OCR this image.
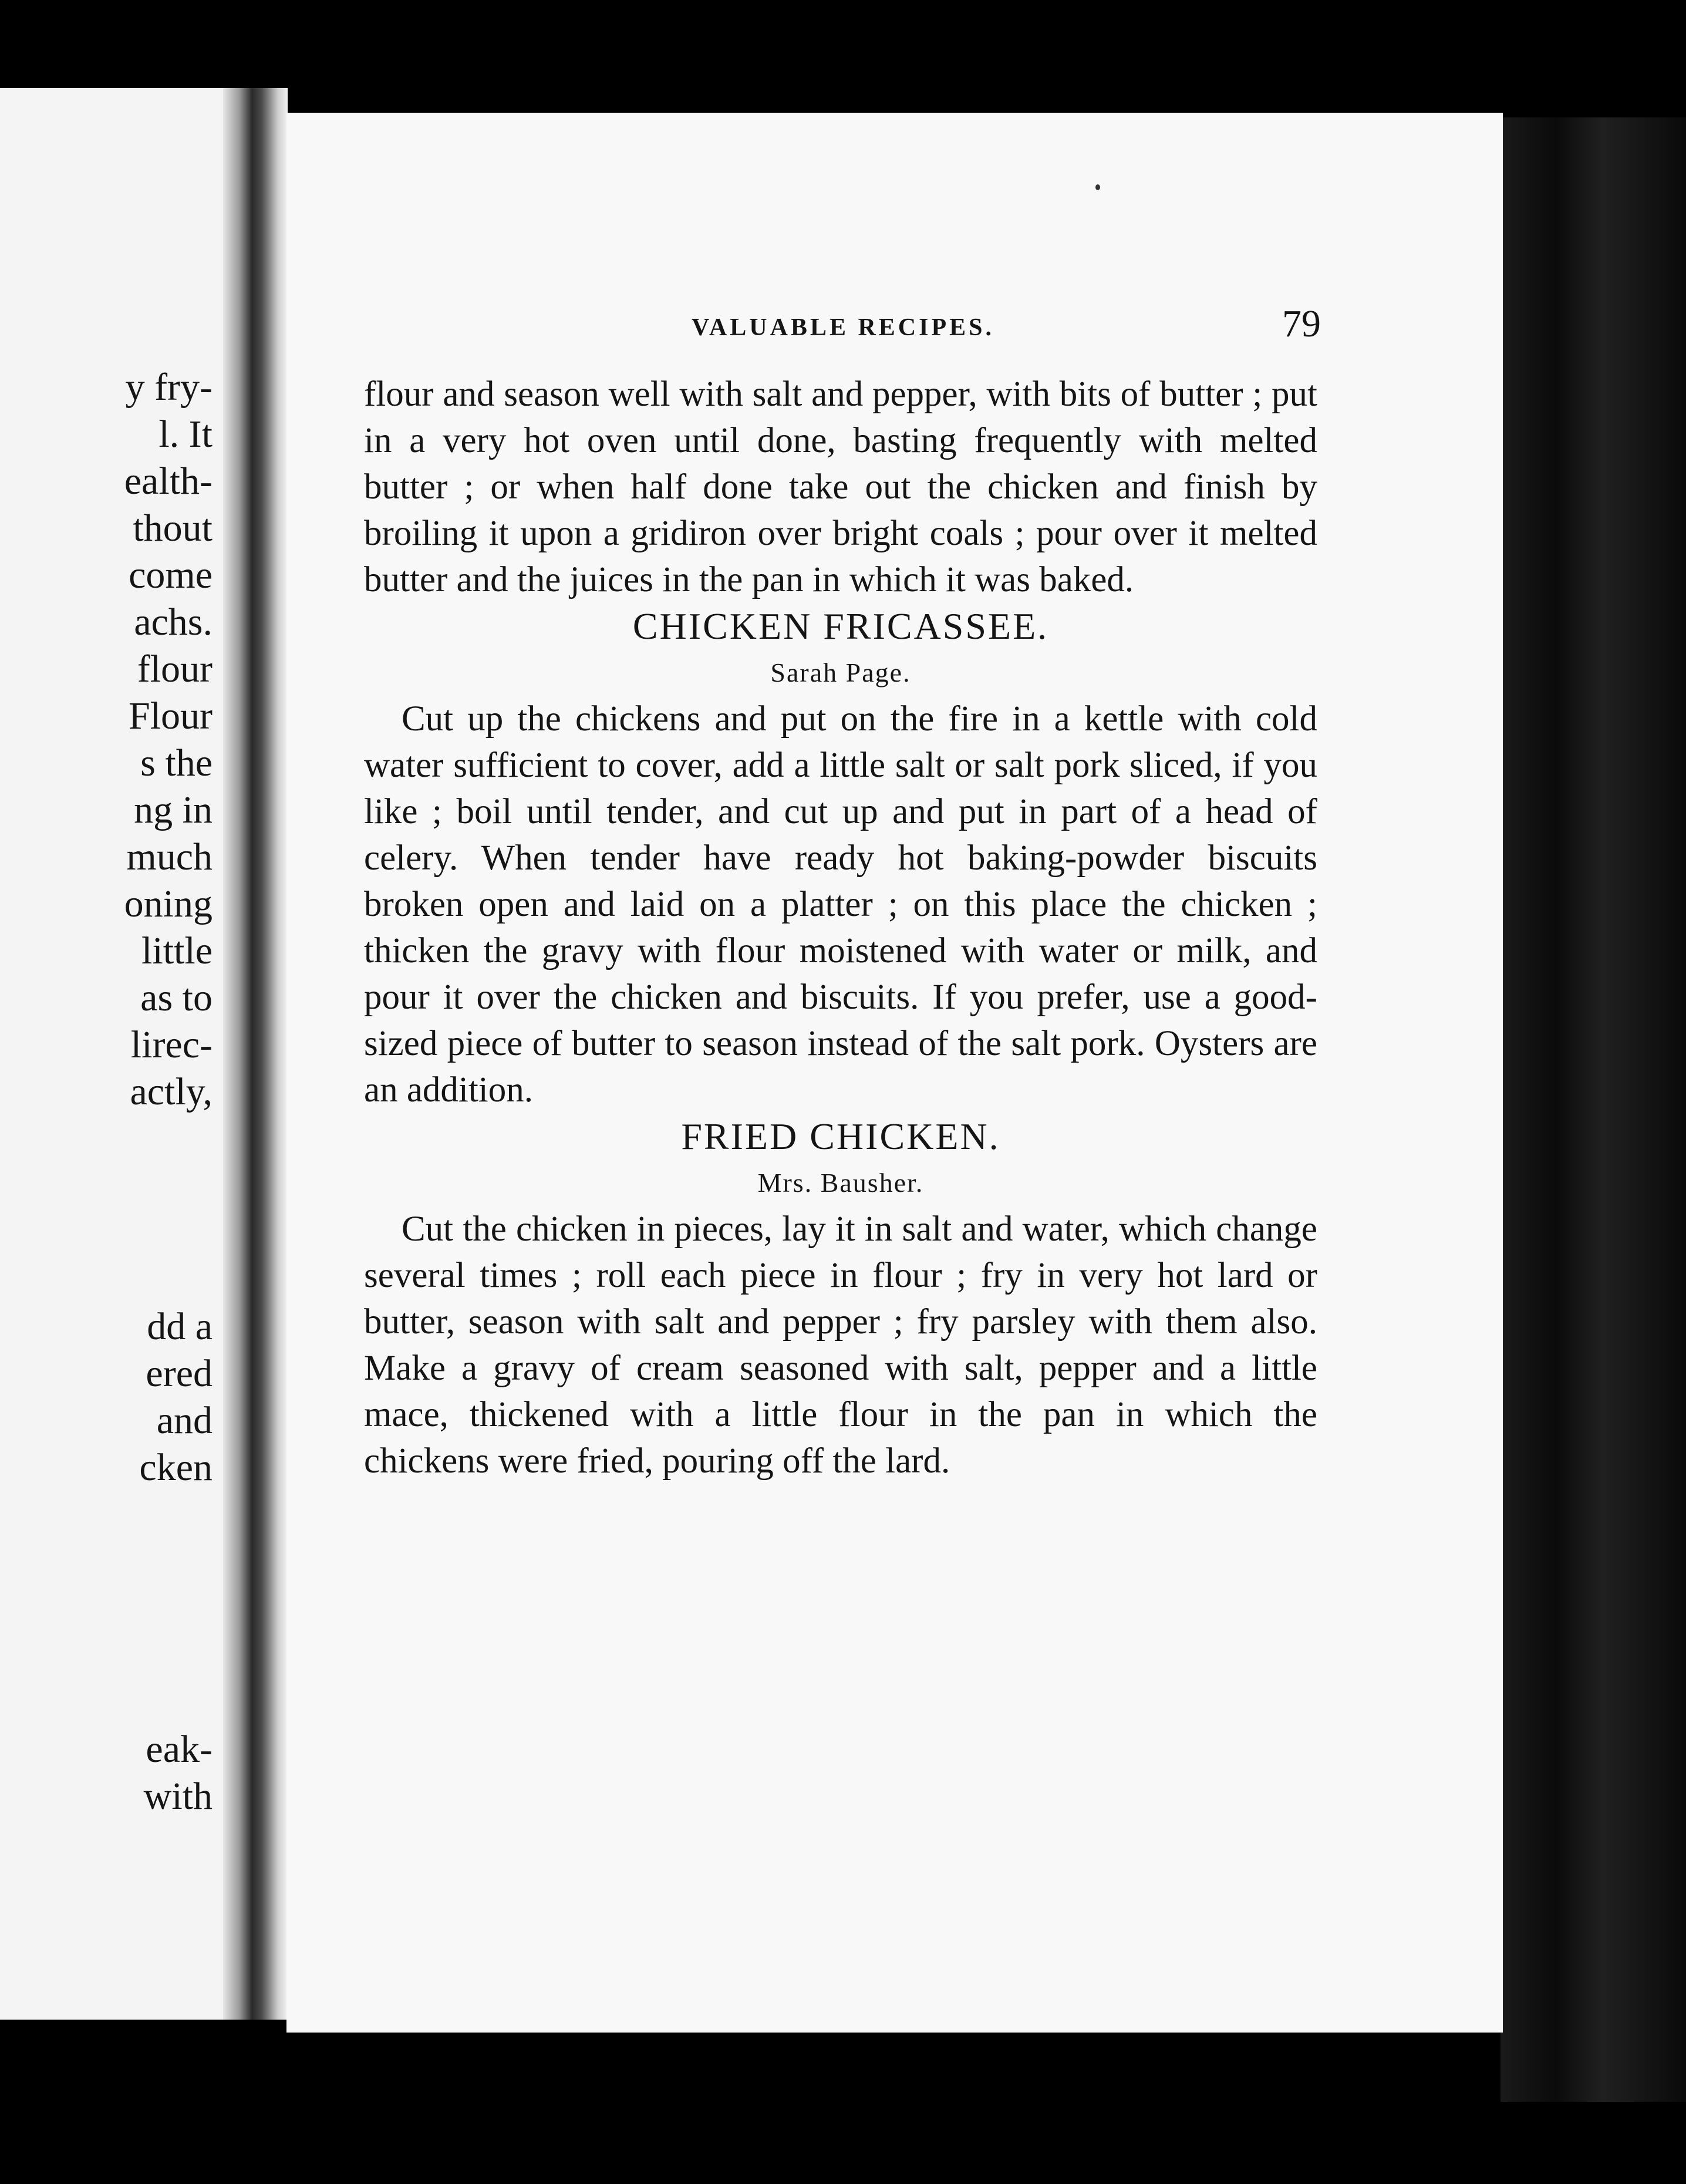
y fry-
l. It
ealth-
thout
come
achs.
flour
Flour
s the
ng in
much
oning
little
as to
lirec-
actly,
dd a
ered
and
cken
eak-
with
VALUABLE RECIPES.	79

flour and season well with salt and pepper, with bits of butter ; put in a very hot oven until done, basting frequently with melted butter ; or when half done take out the chicken and finish by broiling it upon a gridiron over bright coals ; pour over it melted butter and the juices in the pan in which it was baked.

CHICKEN FRICASSEE.

Sarah Page.

Cut up the chickens and put on the fire in a kettle with cold water sufficient to cover, add a little salt or salt pork sliced, if you like ; boil until tender, and cut up and put in part of a head of celery. When tender have ready hot baking-powder biscuits broken open and laid on a platter ; on this place the chicken ; thicken the gravy with flour moistened with water or milk, and pour it over the chicken and biscuits. If you prefer, use a good-sized piece of butter to season instead of the salt pork. Oysters are an addition.

FRIED CHICKEN.

Mrs. Bausher.

Cut the chicken in pieces, lay it in salt and water, which change several times ; roll each piece in flour ; fry in very hot lard or butter, season with salt and pepper ; fry parsley with them also. Make a gravy of cream seasoned with salt, pepper and a little mace, thickened with a little flour in the pan in which the chickens were fried, pouring off the lard.
